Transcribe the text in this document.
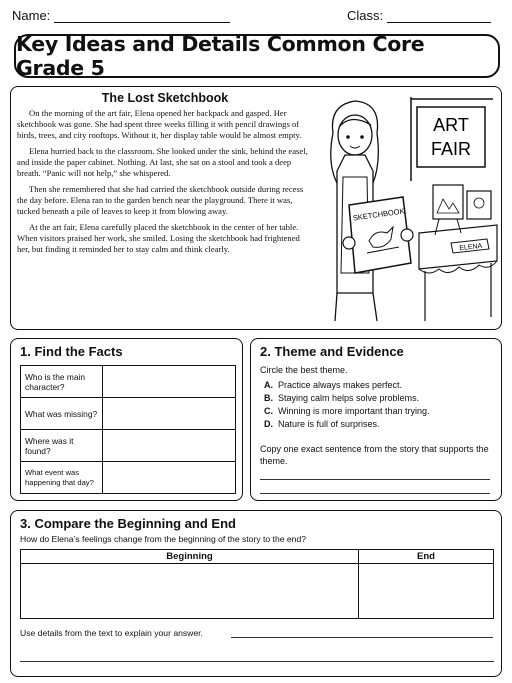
Name:	Class:
Key Ideas and Details Common Core Grade 5
The Lost Sketchbook

On the morning of the art fair, Elena opened her backpack and gasped. Her sketchbook was gone. She had spent three weeks filling it with pencil drawings of birds, trees, and city rooftops. Without it, her display table would be almost empty.

Elena hurried back to the classroom. She looked under the sink, behind the easel, and inside the paper cabinet. Nothing. At last, she sat on a stool and took a deep breath. “Panic will not help,” she whispered.

Then she remembered that she had carried the sketchbook outside during recess the day before. Elena ran to the garden bench near the playground. There it was, tucked beneath a pile of leaves to keep it from blowing away.

At the art fair, Elena carefully placed the sketchbook in the center of her table. When visitors praised her work, she smiled. Losing the sketchbook had frightened her, but finding it reminded her to stay calm and think clearly.

ART
FAIR
ELENA
SKETCHBOOK
1. Find the Facts
Who is the main character?	
What was missing?	
Where was it found?	
What event was happening that day?	
2. Theme and Evidence
Circle the best theme.
A. Practice always makes perfect.
B. Staying calm helps solve problems.
C. Winning is more important than trying.
D. Nature is full of surprises.
Copy one exact sentence from the story that supports the theme.
3. Compare the Beginning and End
How do Elena’s feelings change from the beginning of the story to the end?
Beginning	End

Use details from the text to explain your answer.
